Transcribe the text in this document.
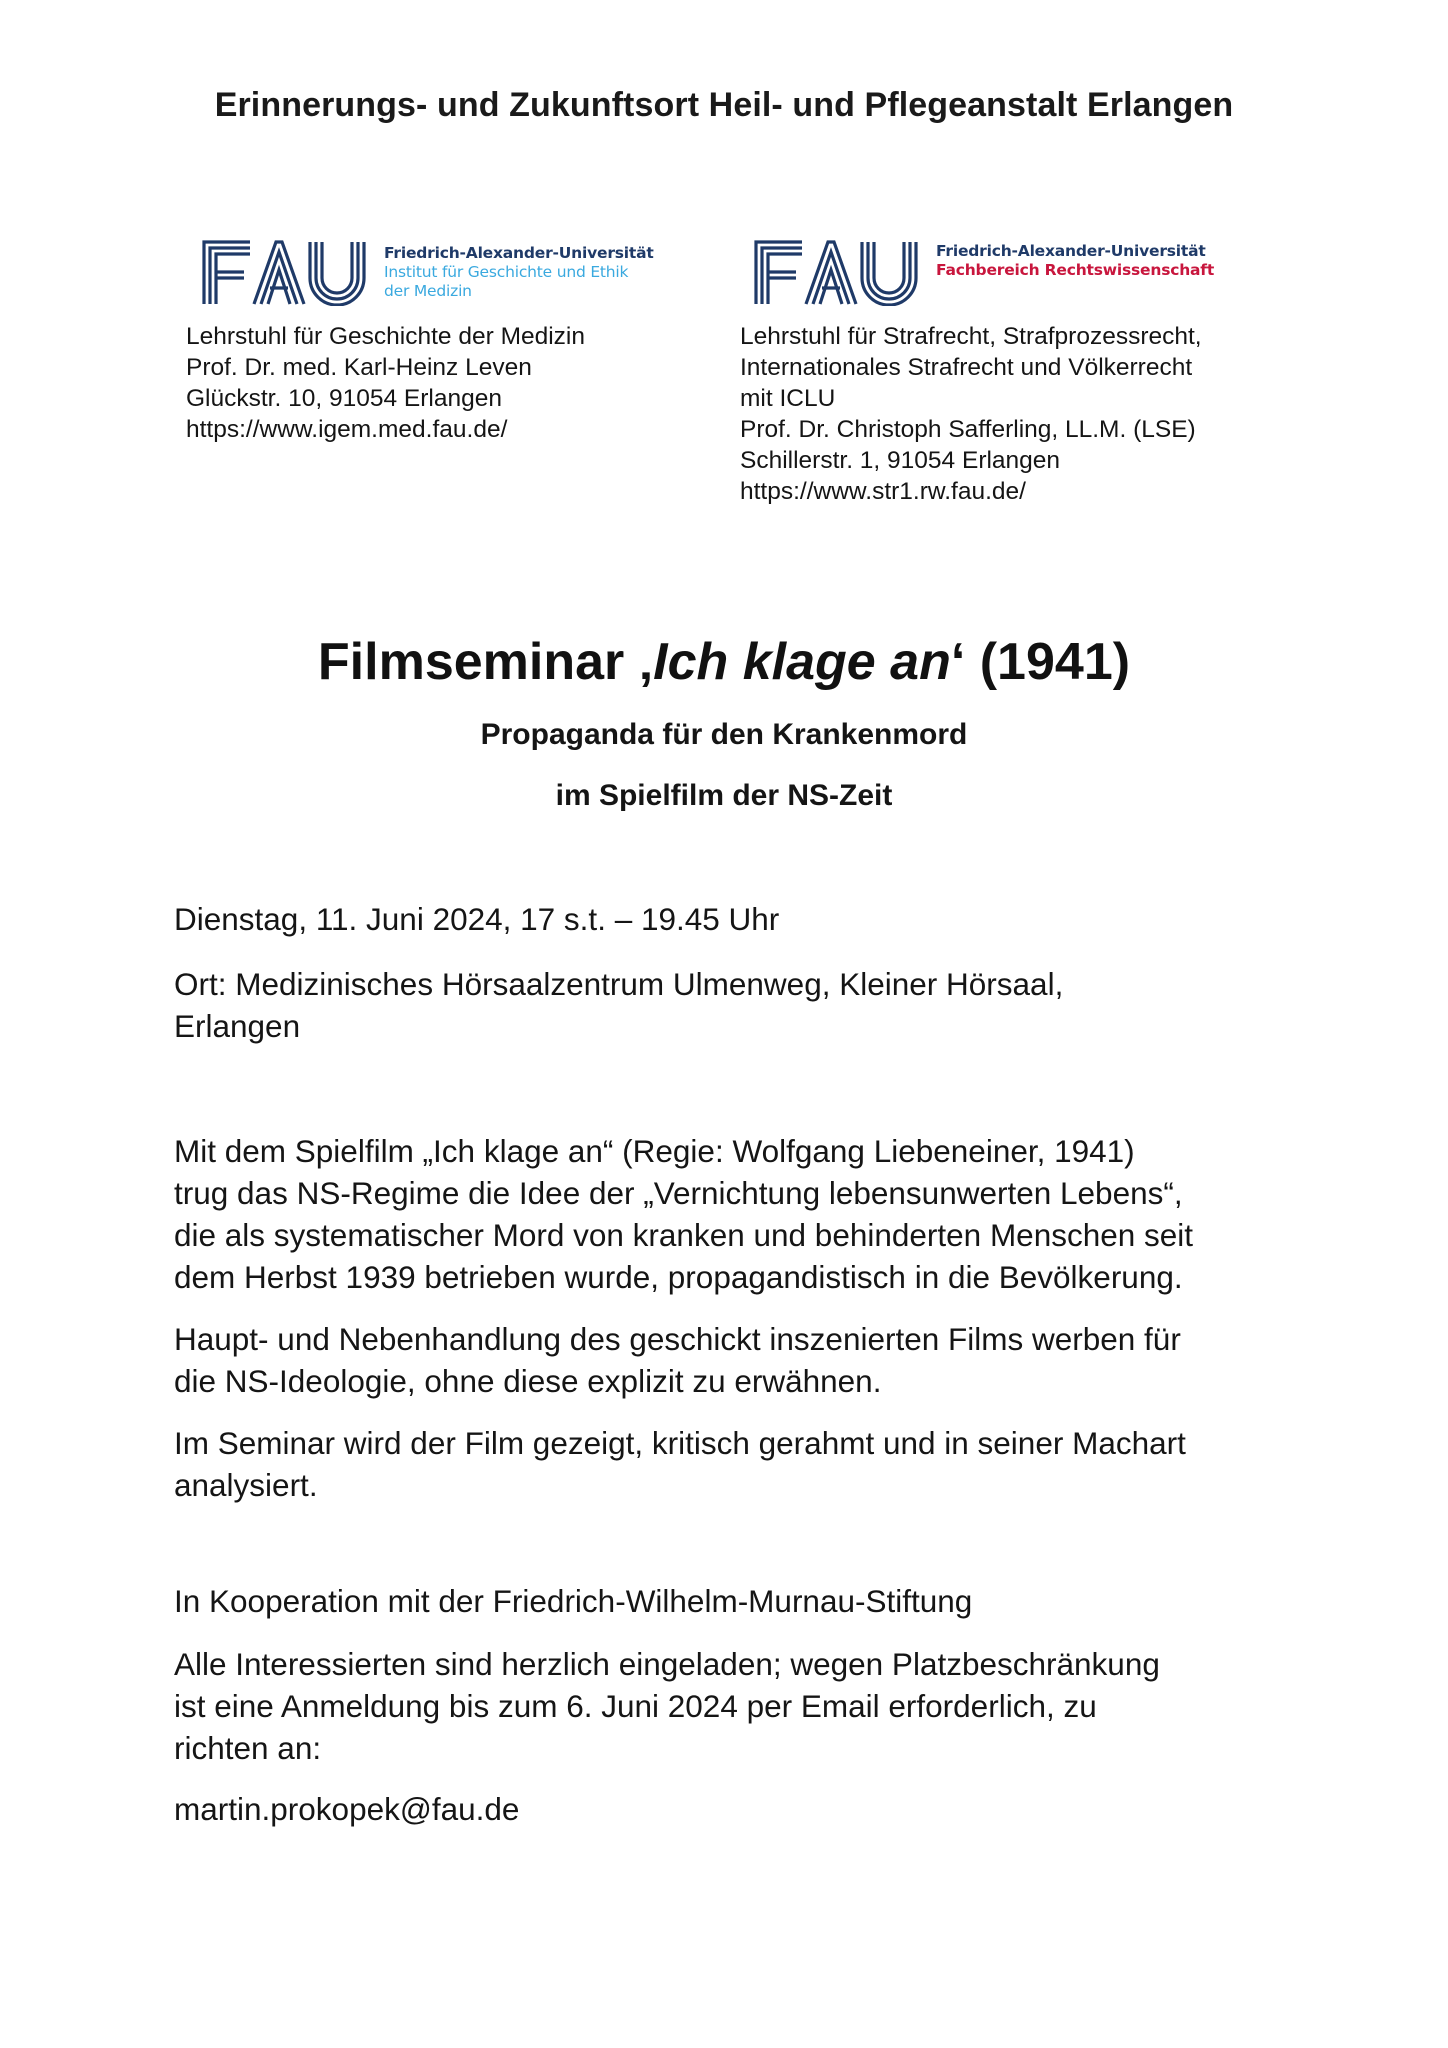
Erinnerungs- und Zukunftsort Heil- und Pflegeanstalt Erlangen
Friedrich-Alexander-Universität
Institut für Geschichte und Ethik
der Medizin
Friedrich-Alexander-Universität
Fachbereich Rechtswissenschaft
Lehrstuhl für Geschichte der Medizin
Prof. Dr. med. Karl-Heinz Leven
Glückstr. 10, 91054 Erlangen
https://www.igem.med.fau.de/
Lehrstuhl für Strafrecht, Strafprozessrecht,
Internationales Strafrecht und Völkerrecht
mit ICLU
Prof. Dr. Christoph Safferling, LL.M. (LSE)
Schillerstr. 1, 91054 Erlangen
https://www.str1.rw.fau.de/
Filmseminar ‚Ich klage an‘ (1941)
Propaganda für den Krankenmord
im Spielfilm der NS-Zeit
Dienstag, 11. Juni 2024, 17 s.t. – 19.45 Uhr
Ort: Medizinisches Hörsaalzentrum Ulmenweg, Kleiner Hörsaal,
Erlangen
Mit dem Spielfilm „Ich klage an“ (Regie: Wolfgang Liebeneiner, 1941)
trug das NS-Regime die Idee der „Vernichtung lebensunwerten Lebens“,
die als systematischer Mord von kranken und behinderten Menschen seit
dem Herbst 1939 betrieben wurde, propagandistisch in die Bevölkerung.
Haupt- und Nebenhandlung des geschickt inszenierten Films werben für
die NS-Ideologie, ohne diese explizit zu erwähnen.
Im Seminar wird der Film gezeigt, kritisch gerahmt und in seiner Machart
analysiert.
In Kooperation mit der Friedrich-Wilhelm-Murnau-Stiftung
Alle Interessierten sind herzlich eingeladen; wegen Platzbeschränkung
ist eine Anmeldung bis zum 6. Juni 2024 per Email erforderlich, zu
richten an:
martin.prokopek@fau.de
